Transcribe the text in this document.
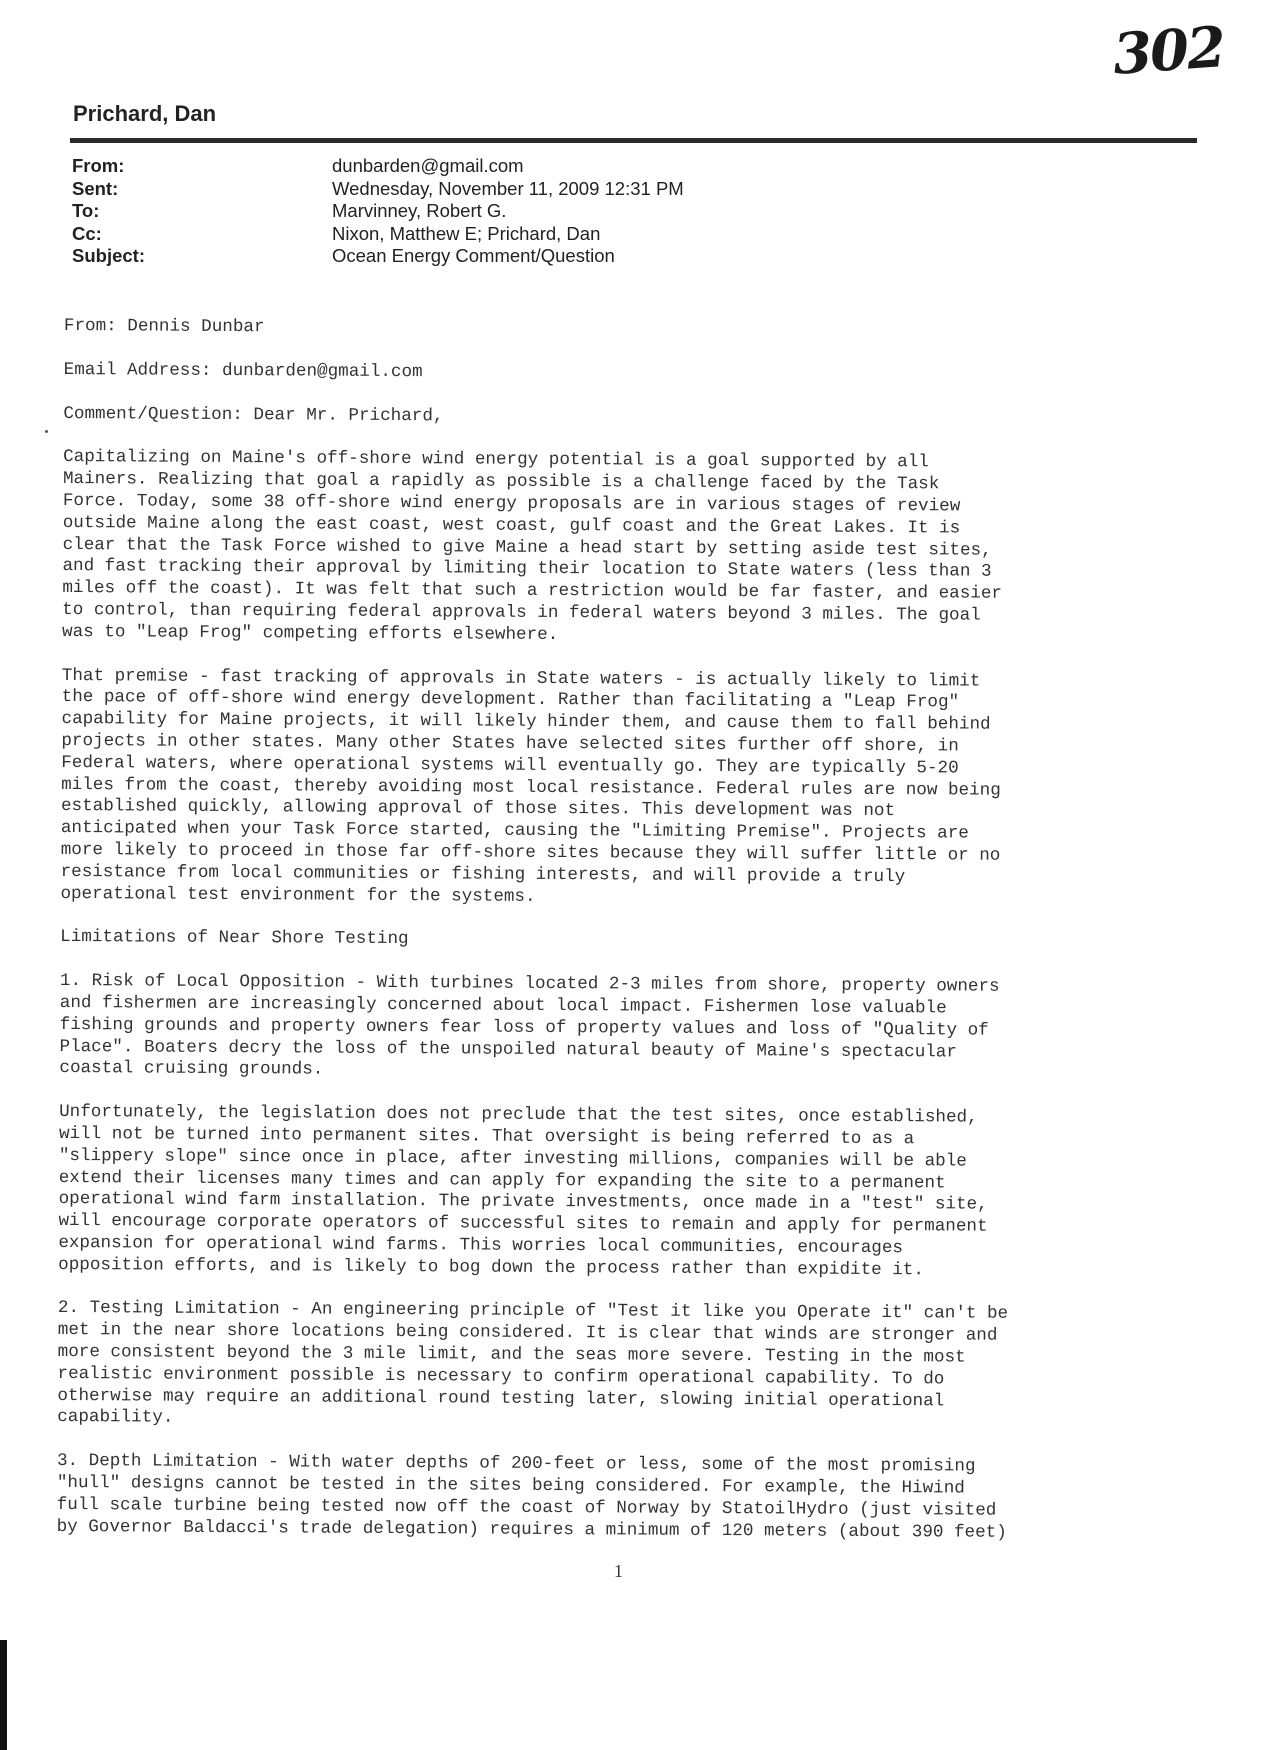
302
Prichard, Dan
From:	dunbarden@gmail.com
Sent:	Wednesday, November 11, 2009 12:31 PM
To:	Marvinney, Robert G.
Cc:	Nixon, Matthew E; Prichard, Dan
Subject:	Ocean Energy Comment/Question

From: Dennis Dunbar

Email Address: dunbarden@gmail.com

Comment/Question: Dear Mr. Prichard,

Capitalizing on Maine's off-shore wind energy potential is a goal supported by all
Mainers. Realizing that goal a rapidly as possible is a challenge faced by the Task
Force. Today, some 38 off-shore wind energy proposals are in various stages of review
outside Maine along the east coast, west coast, gulf coast and the Great Lakes. It is
clear that the Task Force wished to give Maine a head start by setting aside test sites,
and fast tracking their approval by limiting their location to State waters (less than 3
miles off the coast). It was felt that such a restriction would be far faster, and easier
to control, than requiring federal approvals in federal waters beyond 3 miles. The goal
was to "Leap Frog" competing efforts elsewhere.

That premise - fast tracking of approvals in State waters - is actually likely to limit
the pace of off-shore wind energy development. Rather than facilitating a "Leap Frog"
capability for Maine projects, it will likely hinder them, and cause them to fall behind
projects in other states. Many other States have selected sites further off shore, in
Federal waters, where operational systems will eventually go. They are typically 5-20
miles from the coast, thereby avoiding most local resistance. Federal rules are now being
established quickly, allowing approval of those sites. This development was not
anticipated when your Task Force started, causing the "Limiting Premise". Projects are
more likely to proceed in those far off-shore sites because they will suffer little or no
resistance from local communities or fishing interests, and will provide a truly
operational test environment for the systems.

Limitations of Near Shore Testing

1. Risk of Local Opposition - With turbines located 2-3 miles from shore, property owners
and fishermen are increasingly concerned about local impact. Fishermen lose valuable
fishing grounds and property owners fear loss of property values and loss of "Quality of
Place". Boaters decry the loss of the unspoiled natural beauty of Maine's spectacular
coastal cruising grounds.

Unfortunately, the legislation does not preclude that the test sites, once established,
will not be turned into permanent sites. That oversight is being referred to as a
"slippery slope" since once in place, after investing millions, companies will be able
extend their licenses many times and can apply for expanding the site to a permanent
operational wind farm installation. The private investments, once made in a "test" site,
will encourage corporate operators of successful sites to remain and apply for permanent
expansion for operational wind farms. This worries local communities, encourages
opposition efforts, and is likely to bog down the process rather than expidite it.

2. Testing Limitation - An engineering principle of "Test it like you Operate it" can't be
met in the near shore locations being considered. It is clear that winds are stronger and
more consistent beyond the 3 mile limit, and the seas more severe. Testing in the most
realistic environment possible is necessary to confirm operational capability. To do
otherwise may require an additional round testing later, slowing initial operational
capability.

3. Depth Limitation - With water depths of 200-feet or less, some of the most promising
"hull" designs cannot be tested in the sites being considered. For example, the Hiwind
full scale turbine being tested now off the coast of Norway by StatoilHydro (just visited
by Governor Baldacci's trade delegation) requires a minimum of 120 meters (about 390 feet)

1
